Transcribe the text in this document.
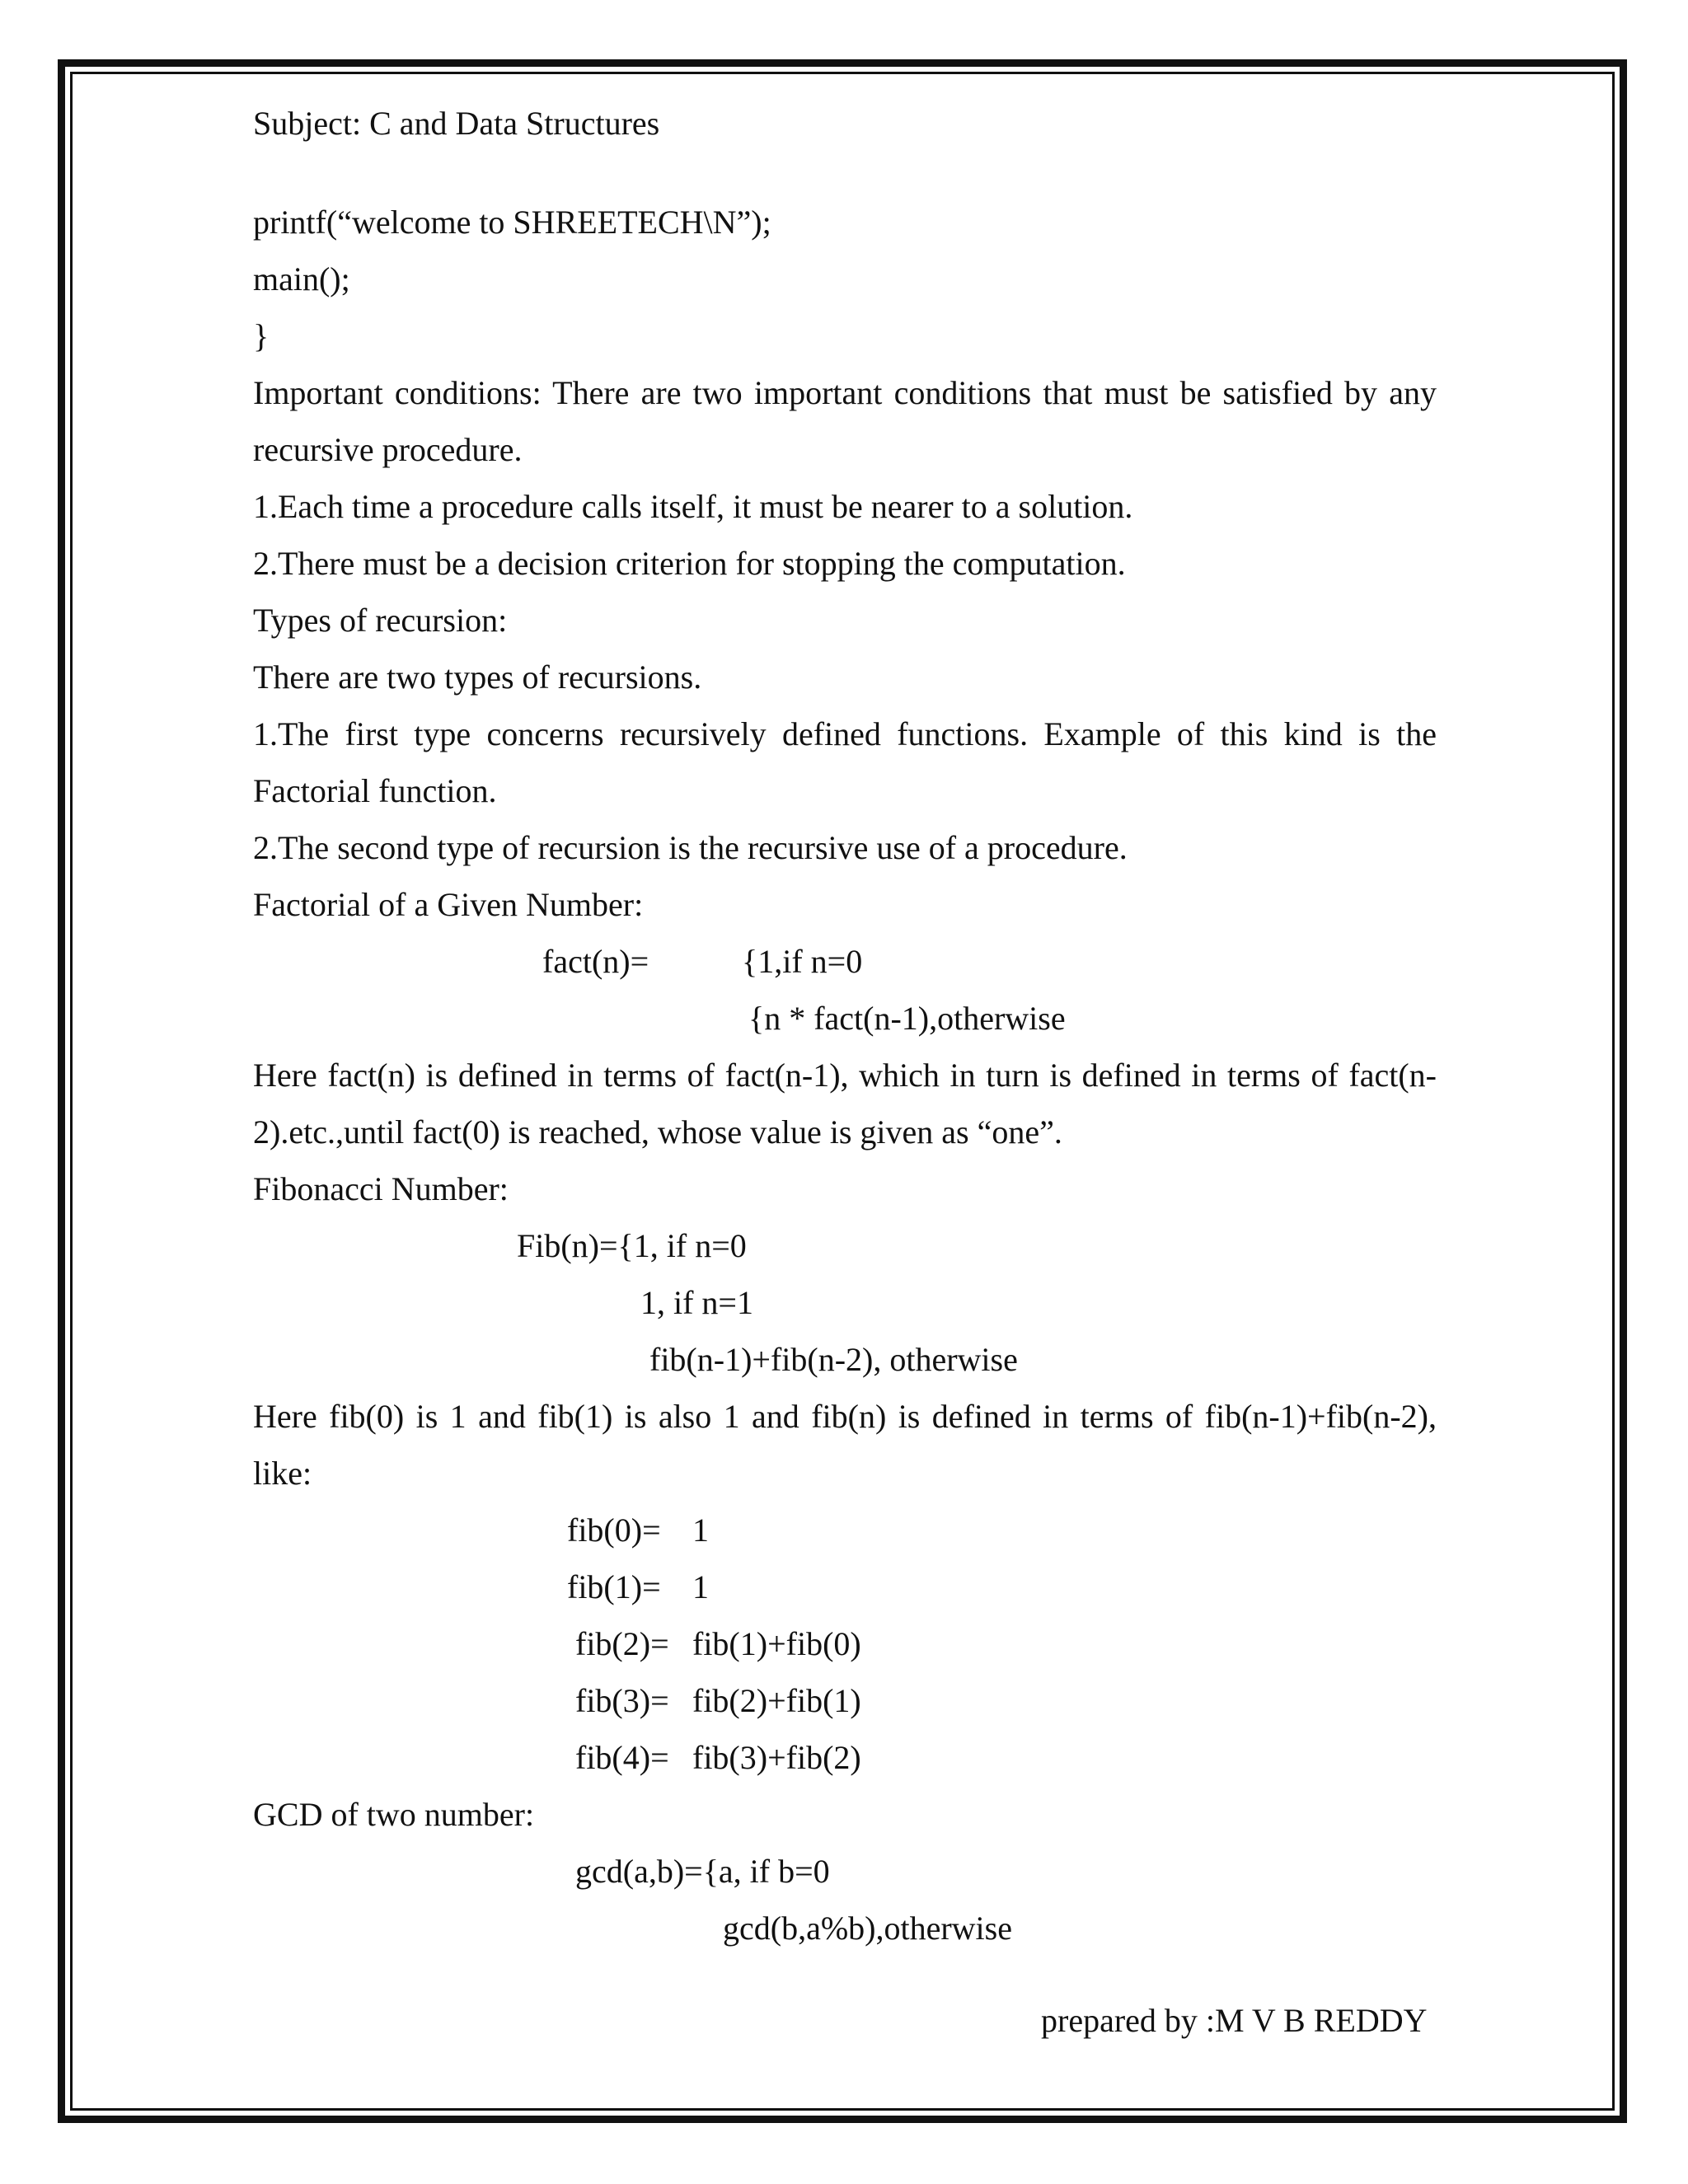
Subject: C and Data Structures

printf(“welcome to SHREETECH\N”);

main();

}

Important conditions: There are two important conditions that must be satisfied by any

recursive procedure.

1.Each time a procedure calls itself, it must be nearer to a solution.

2.There must be a decision criterion for stopping the computation.

Types of recursion:

There are two types of recursions.

1.The first type concerns recursively defined functions. Example of this kind is the

Factorial function.

2.The second type of recursion is the recursive use of a procedure.

Factorial of a Given Number:

fact(n)=	{1,if n=0

{n * fact(n-1),otherwise

Here fact(n) is defined in terms of fact(n-1), which in turn is defined in terms of fact(n-

2).etc.,until fact(0) is reached, whose value is given as “one”.

Fibonacci Number:

Fib(n)={1, if n=0

1, if n=1

fib(n-1)+fib(n-2), otherwise

Here fib(0) is 1 and fib(1) is also 1 and fib(n) is defined in terms of fib(n-1)+fib(n-2),

like:

fib(0)= 1

fib(1)= 1

fib(2)= fib(1)+fib(0)

fib(3)= fib(2)+fib(1)

fib(4)= fib(3)+fib(2)

GCD of two number:

gcd(a,b)={a, if b=0

gcd(b,a%b),otherwise

prepared by :M V B REDDY
